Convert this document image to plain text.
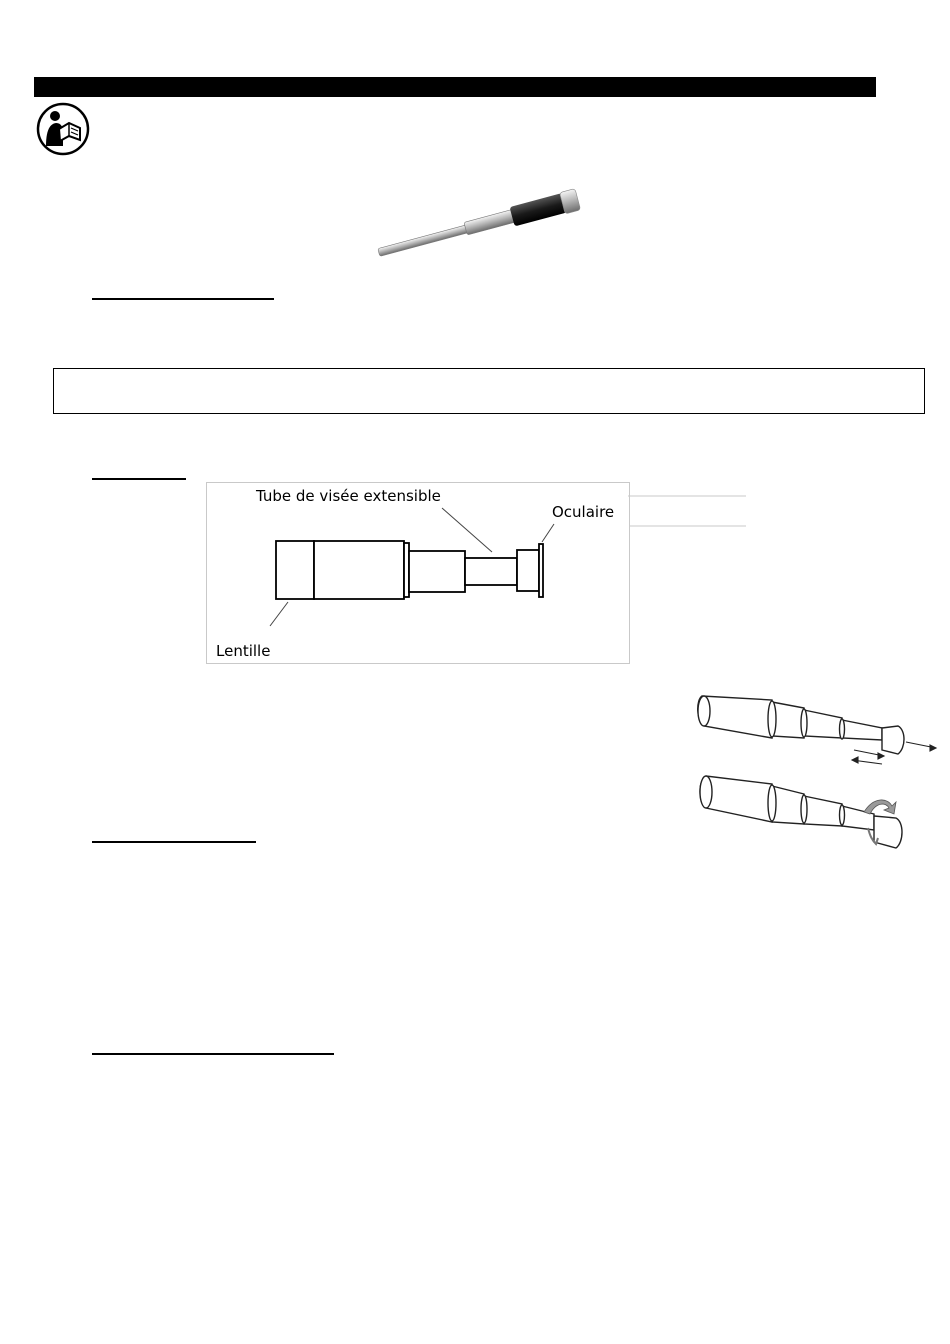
Tube de visée extensible
Oculaire
Lentille
